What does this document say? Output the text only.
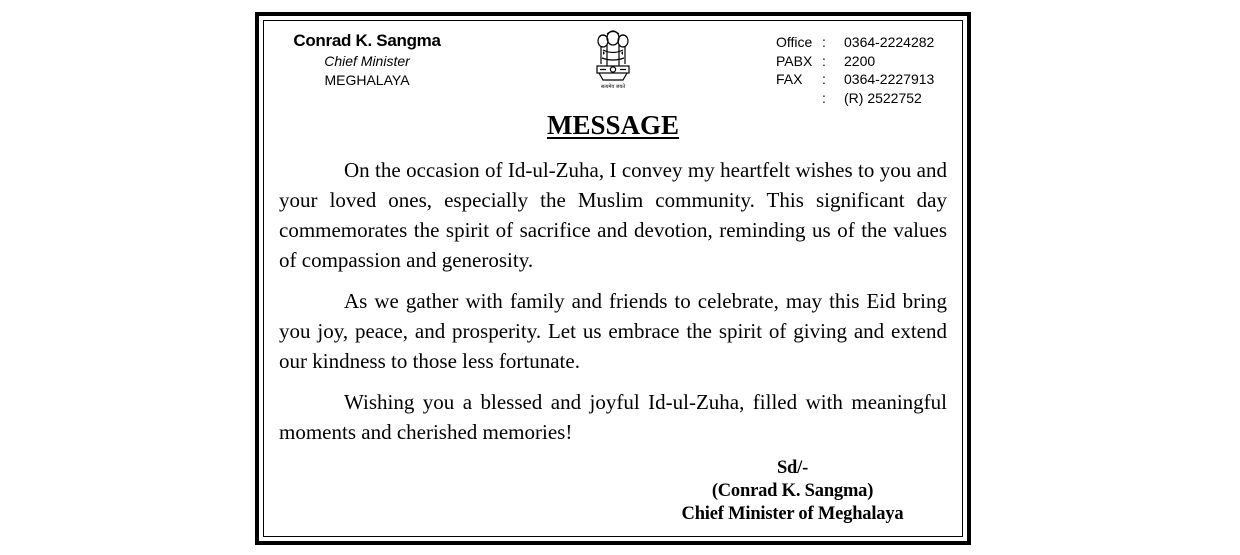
Conrad K. Sangma
Chief Minister
MEGHALAYA	सत्यमेव जयते
Office : 0364-2224282
PABX : 2200
FAX : 0364-2227913
: (R) 2522752
MESSAGE

On the occasion of Id-ul-Zuha, I convey my heartfelt wishes to you and your loved ones, especially the Muslim community. This significant day commemorates the spirit of sacrifice and devotion, reminding us of the values of compassion and generosity.

As we gather with family and friends to celebrate, may this Eid bring you joy, peace, and prosperity. Let us embrace the spirit of giving and extend our kindness to those less fortunate.

Wishing you a blessed and joyful Id-ul-Zuha, filled with meaningful moments and cherished memories!

Sd/-
(Conrad K. Sangma)
Chief Minister of Meghalaya
